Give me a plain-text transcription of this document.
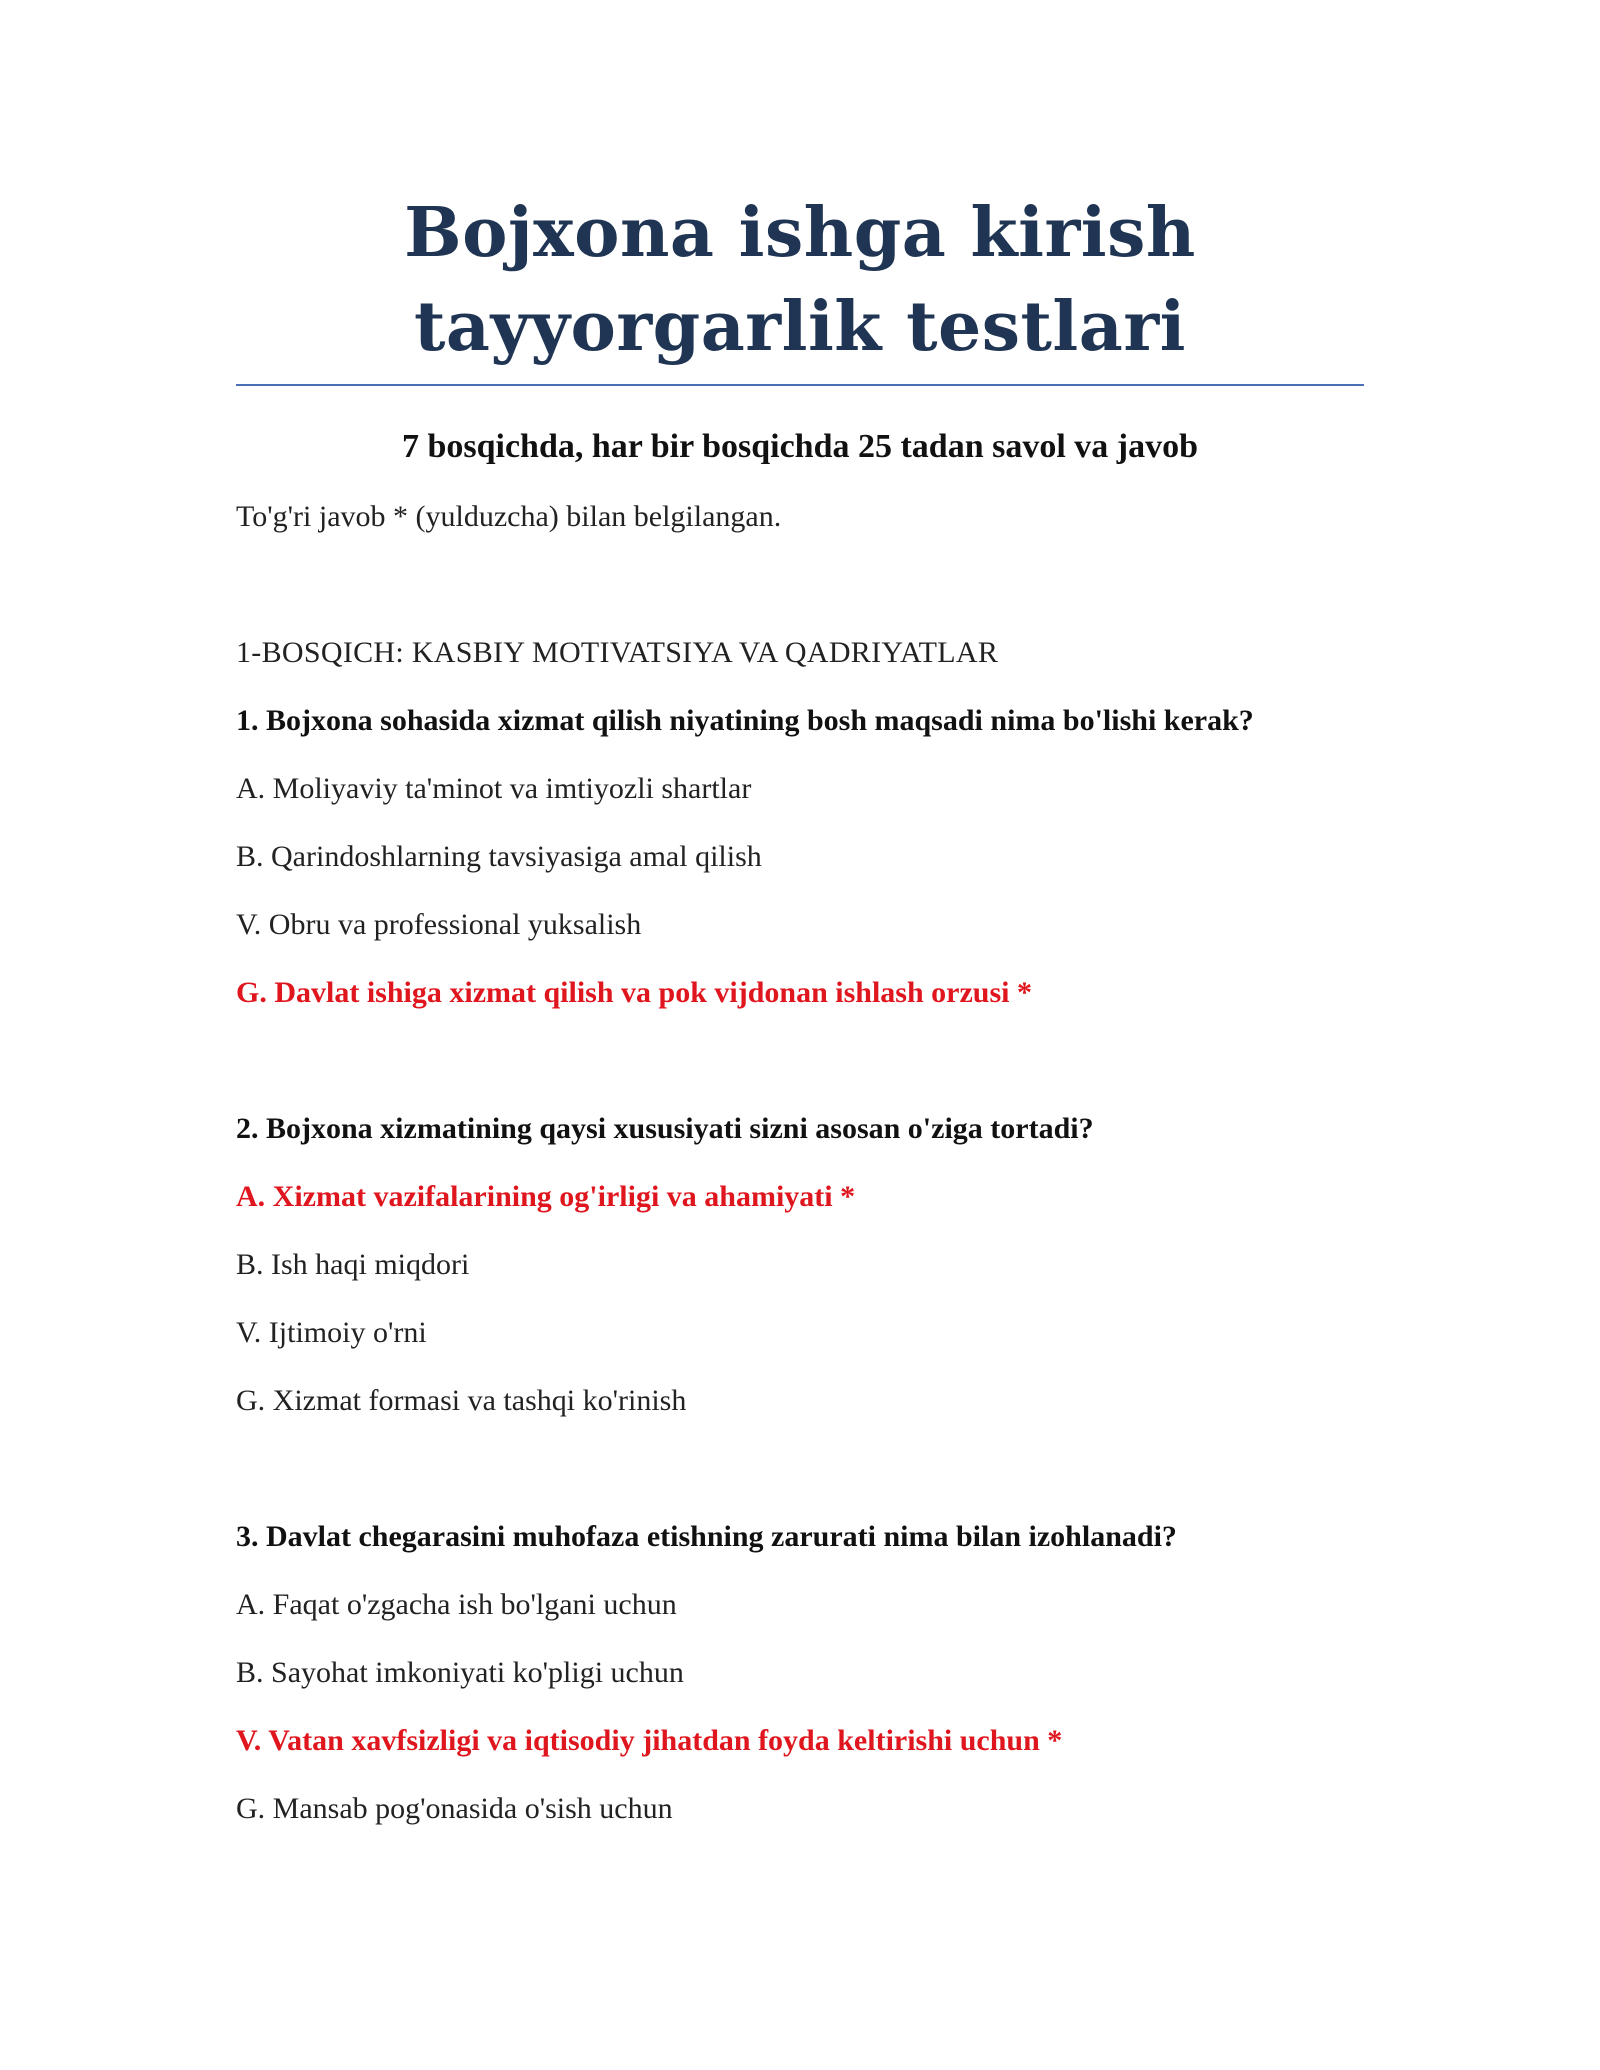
Bojxona ishga kirish
tayyorgarlik testlari
7 bosqichda, har bir bosqichda 25 tadan savol va javob
To'g'ri javob * (yulduzcha) bilan belgilangan.
1-BOSQICH: KASBIY MOTIVATSIYA VA QADRIYATLAR
1. Bojxona sohasida xizmat qilish niyatining bosh maqsadi nima bo'lishi kerak?
A. Moliyaviy ta'minot va imtiyozli shartlar
B. Qarindoshlarning tavsiyasiga amal qilish
V. Obru va professional yuksalish
G. Davlat ishiga xizmat qilish va pok vijdonan ishlash orzusi *
2. Bojxona xizmatining qaysi xususiyati sizni asosan o'ziga tortadi?
A. Xizmat vazifalarining og'irligi va ahamiyati *
B. Ish haqi miqdori
V. Ijtimoiy o'rni
G. Xizmat formasi va tashqi ko'rinish
3. Davlat chegarasini muhofaza etishning zarurati nima bilan izohlanadi?
A. Faqat o'zgacha ish bo'lgani uchun
B. Sayohat imkoniyati ko'pligi uchun
V. Vatan xavfsizligi va iqtisodiy jihatdan foyda keltirishi uchun *
G. Mansab pog'onasida o'sish uchun
